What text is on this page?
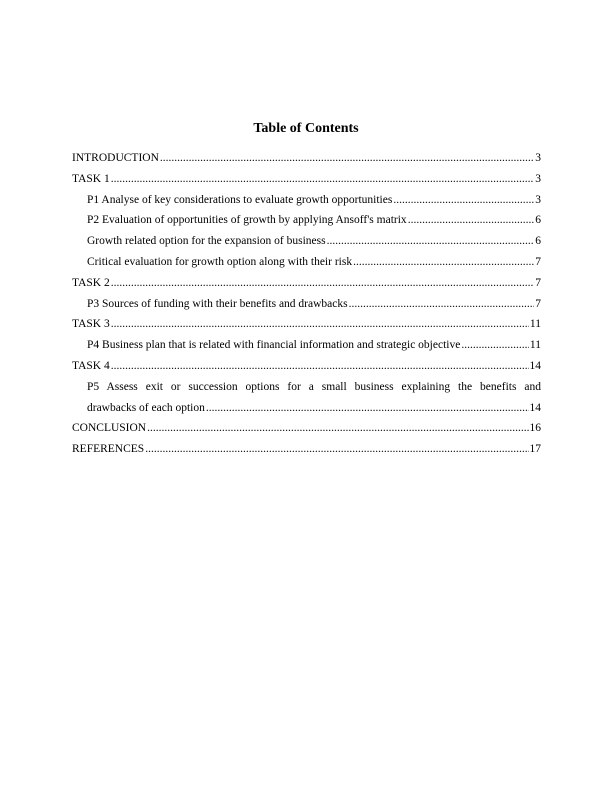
Table of Contents
INTRODUCTION .....	3
TASK 1 .....	3
P1 Analyse of key considerations to evaluate growth opportunities .....	3
P2 Evaluation of opportunities of growth by applying Ansoff's matrix .....	6
Growth related option for the expansion of business .....	6
Critical evaluation for growth option along with their risk .....	7
TASK 2 .....	7
P3 Sources of funding with their benefits and drawbacks .....	7
TASK 3 .....	11
P4 Business plan that is related with financial information and strategic objective .....	11
TASK 4 .....	14
P5 Assess exit or succession options for a small business explaining the benefits and
drawbacks of each option .....	14
CONCLUSION .....	16
REFERENCES .....	17
